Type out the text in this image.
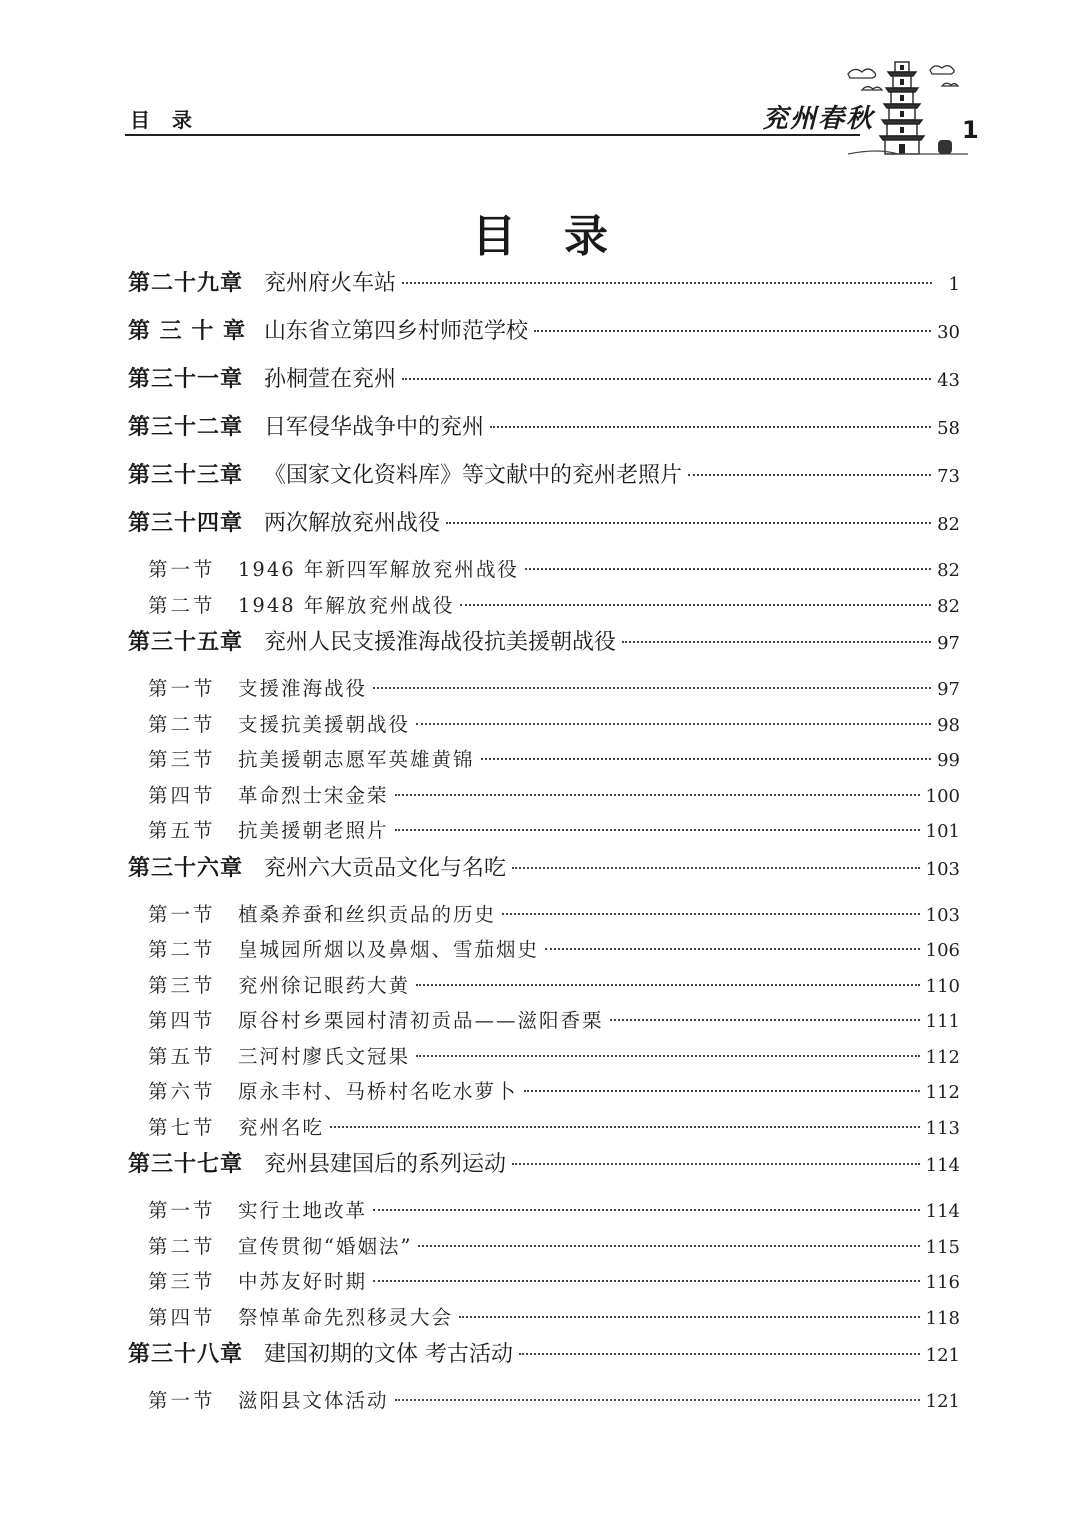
目录	兖州春秋	1
目录
第二十九章 兖州府火车站	1
第 三 十 章 山东省立第四乡村师范学校	30
第三十一章 孙桐萱在兖州	43
第三十二章 日军侵华战争中的兖州	58
第三十三章 《国家文化资料库》等文献中的兖州老照片	73
第三十四章 两次解放兖州战役	82
第一节	1946 年新四军解放兖州战役	82
第二节	1948 年解放兖州战役	82
第三十五章 兖州人民支援淮海战役抗美援朝战役	97
第一节	支援淮海战役	97
第二节	支援抗美援朝战役	98
第三节	抗美援朝志愿军英雄黄锦	99
第四节	革命烈士宋金荣	100
第五节	抗美援朝老照片	101
第三十六章 兖州六大贡品文化与名吃	103
第一节	植桑养蚕和丝织贡品的历史	103
第二节	皇城园所烟以及鼻烟、雪茄烟史	106
第三节	兖州徐记眼药大黄	110
第四节	原谷村乡栗园村清初贡品——滋阳香栗	111
第五节	三河村廖氏文冠果	112
第六节	原永丰村、马桥村名吃水萝卜	112
第七节	兖州名吃	113
第三十七章 兖州县建国后的系列运动	114
第一节	实行土地改革	114
第二节	宣传贯彻“婚姻法”	115
第三节	中苏友好时期	116
第四节	祭悼革命先烈移灵大会	118
第三十八章 建国初期的文体 考古活动	121
第一节	滋阳县文体活动	121
